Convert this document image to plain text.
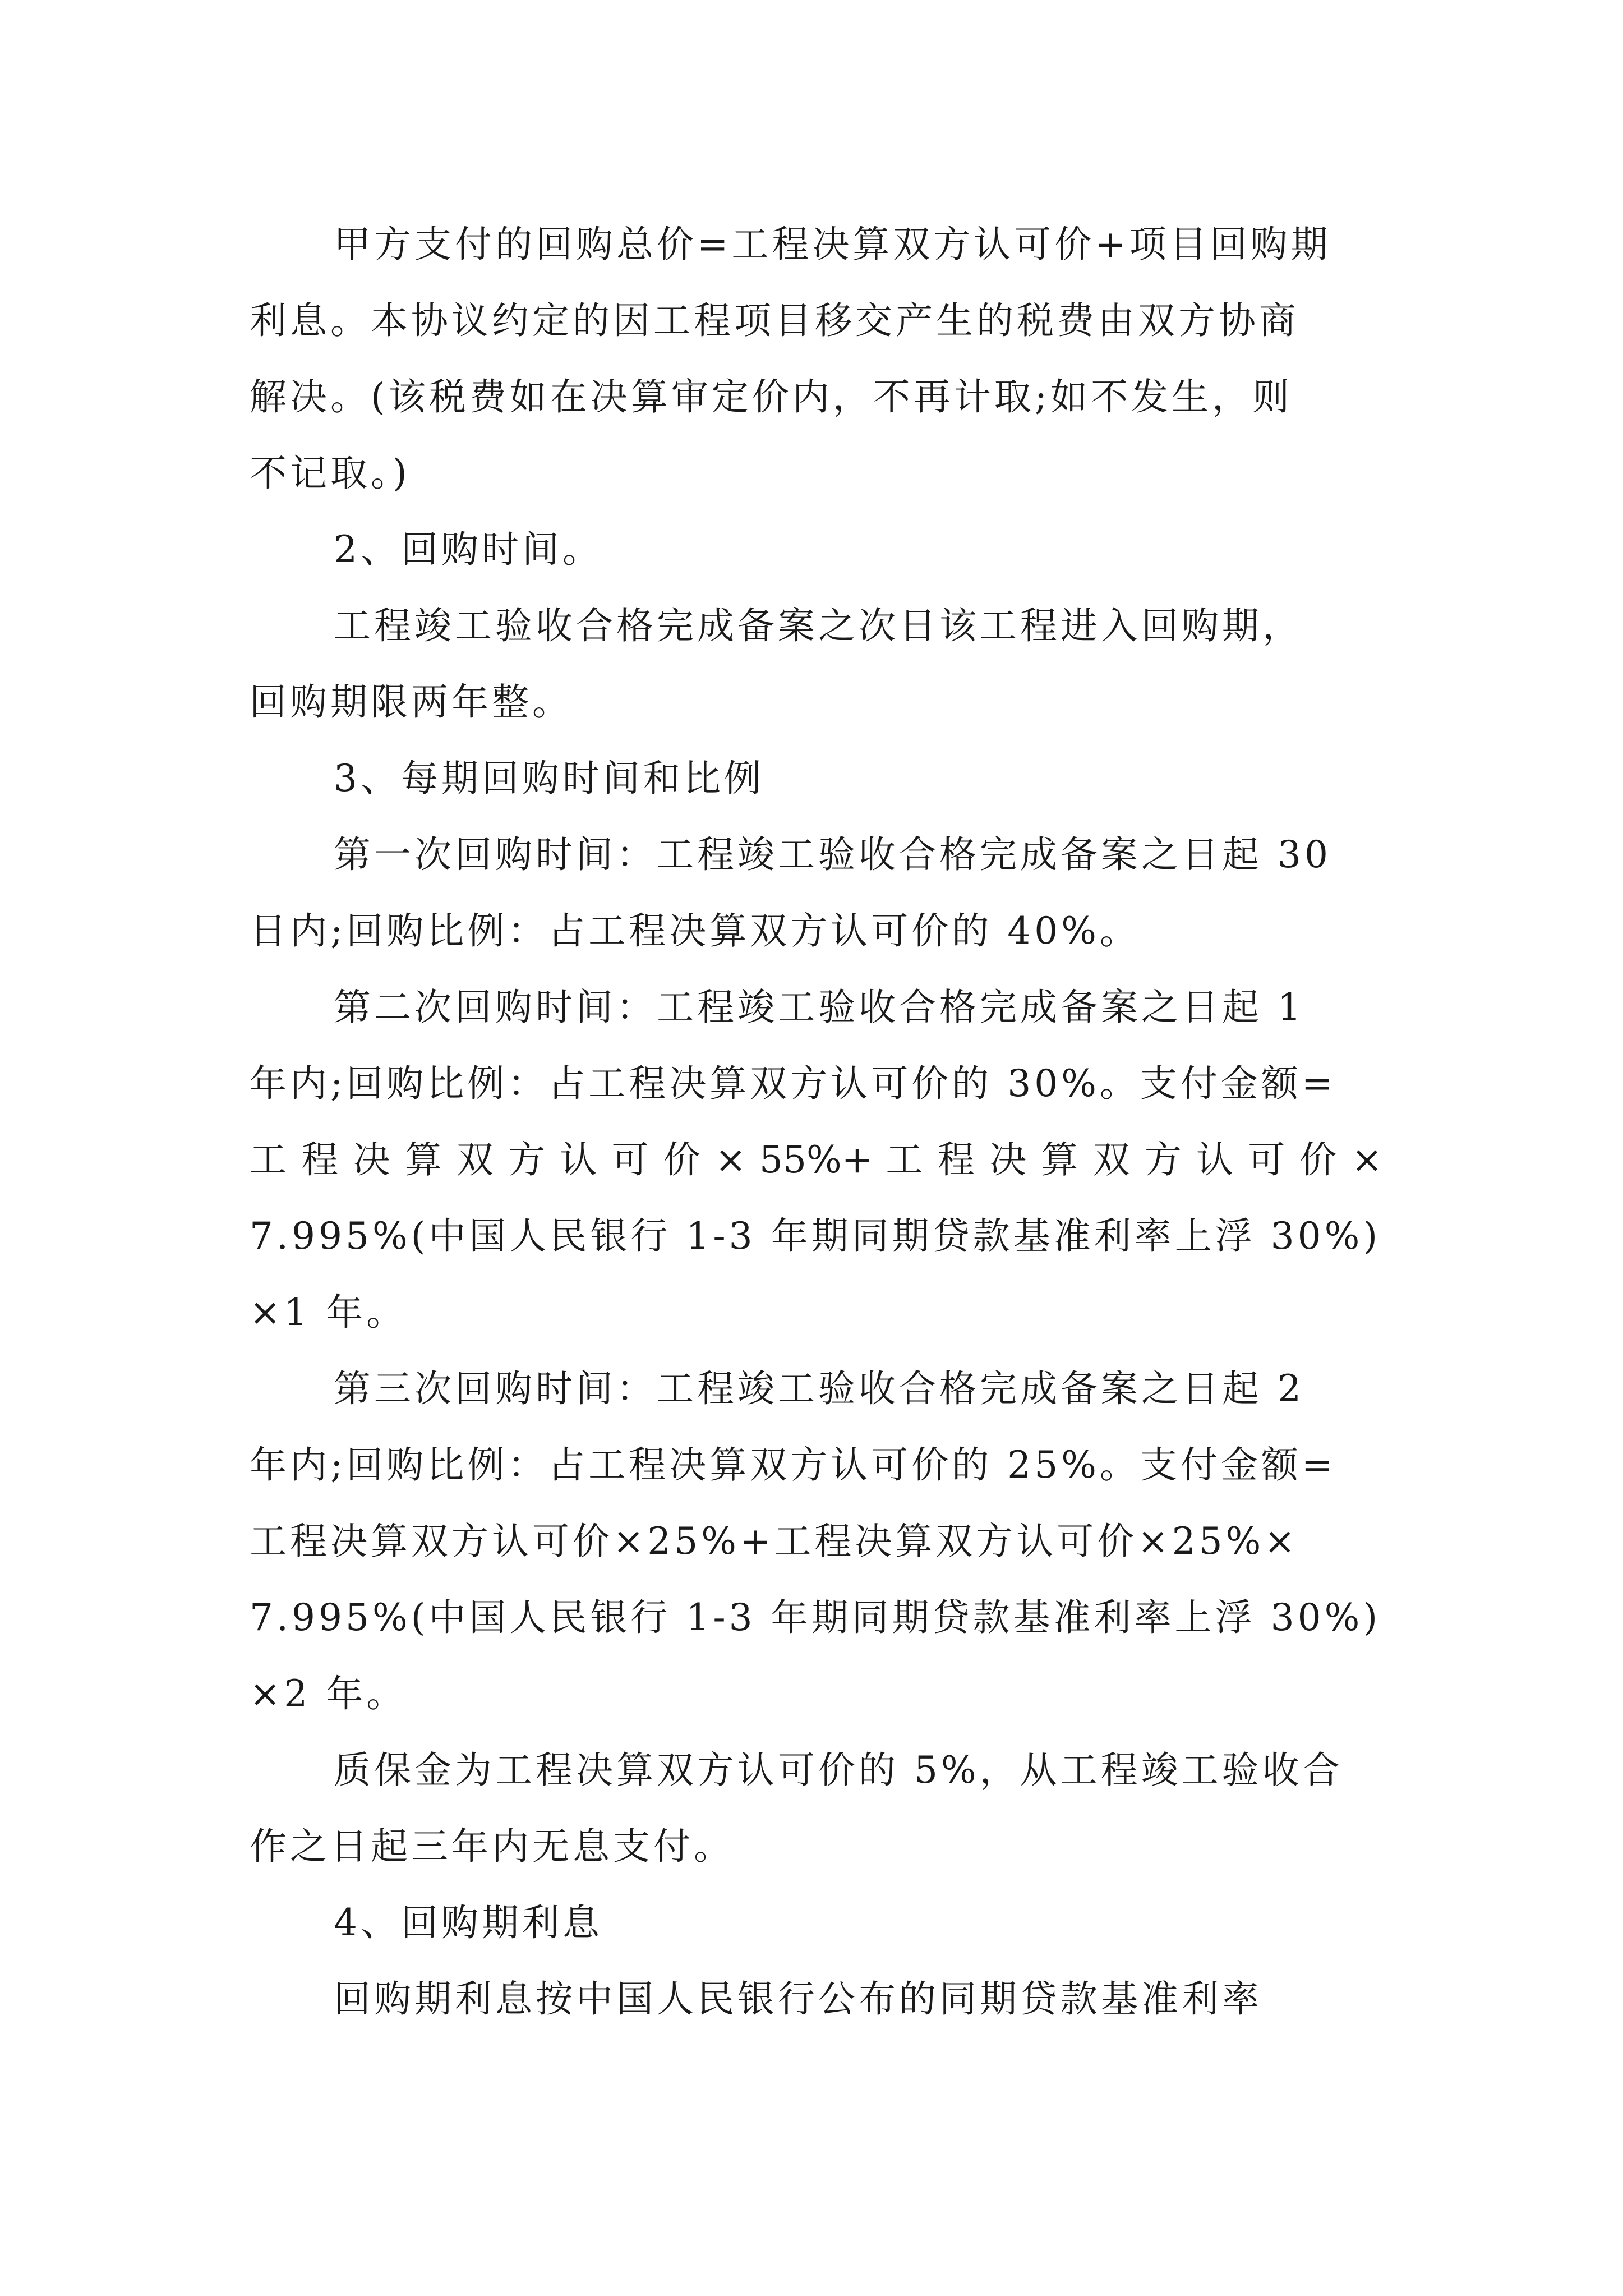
甲方支付的回购总价=工程决算双方认可价+项目回购期
利息。本协议约定的因工程项目移交产生的税费由双方协商
解决。(该税费如在决算审定价内，不再计取;如不发生，则
不记取。)
2、回购时间。
工程竣工验收合格完成备案之次日该工程进入回购期，
回购期限两年整。
3、每期回购时间和比例
第一次回购时间：工程竣工验收合格完成备案之日起 30
日内;回购比例：占工程决算双方认可价的 40%。
第二次回购时间：工程竣工验收合格完成备案之日起 1
年内;回购比例：占工程决算双方认可价的 30%。支付金额=
工 程 决 算 双 方 认 可 价 × 55%+ 工 程 决 算 双 方 认 可 价 ×
7.995%(中国人民银行 1-3 年期同期贷款基准利率上浮 30%)
×1 年。
第三次回购时间：工程竣工验收合格完成备案之日起 2
年内;回购比例：占工程决算双方认可价的 25%。支付金额=
工程决算双方认可价×25%+工程决算双方认可价×25%×
7.995%(中国人民银行 1-3 年期同期贷款基准利率上浮 30%)
×2 年。
质保金为工程决算双方认可价的 5%，从工程竣工验收合
作之日起三年内无息支付。
4、回购期利息
回购期利息按中国人民银行公布的同期贷款基准利率
